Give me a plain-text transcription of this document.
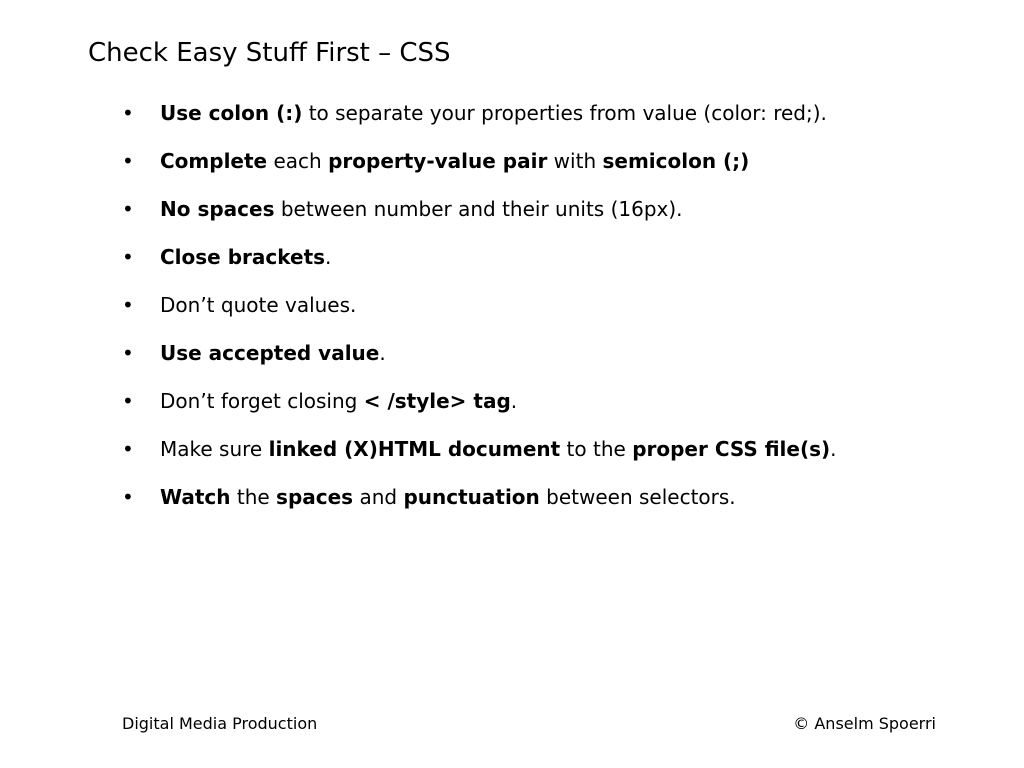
Check Easy Stuff First – CSS
• Use colon (:) to separate your properties from value (color: red;).
• Complete each property-value pair with semicolon (;)
• No spaces between number and their units (16px).
• Close brackets.
• Don’t quote values.
• Use accepted value.
• Don’t forget closing < /style> tag.
• Make sure linked (X)HTML document to the proper CSS file(s).
• Watch the spaces and punctuation between selectors.
Digital Media Production	© Anselm Spoerri
